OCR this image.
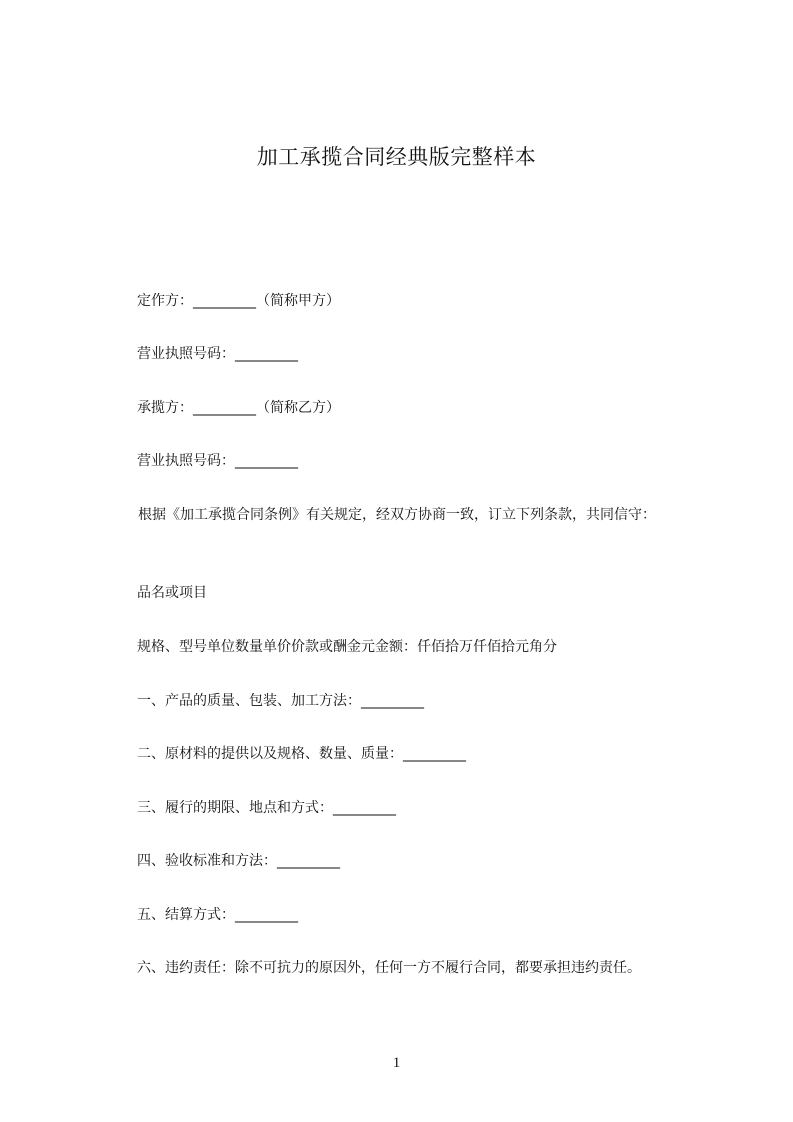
加工承揽合同经典版完整样本
定作方：_________（简称甲方）
营业执照号码：_________
承揽方：_________（简称乙方）
营业执照号码：_________
根据《加工承揽合同条例》有关规定，经双方协商一致，订立下列条款，共同信守：
品名或项目
规格、型号单位数量单价价款或酬金元金额：仟佰拾万仟佰拾元角分
一、产品的质量、包装、加工方法：_________
二、原材料的提供以及规格、数量、质量：_________
三、履行的期限、地点和方式：_________
四、验收标准和方法：_________
五、结算方式：_________
六、违约责任：除不可抗力的原因外，任何一方不履行合同，都要承担违约责任。
1
